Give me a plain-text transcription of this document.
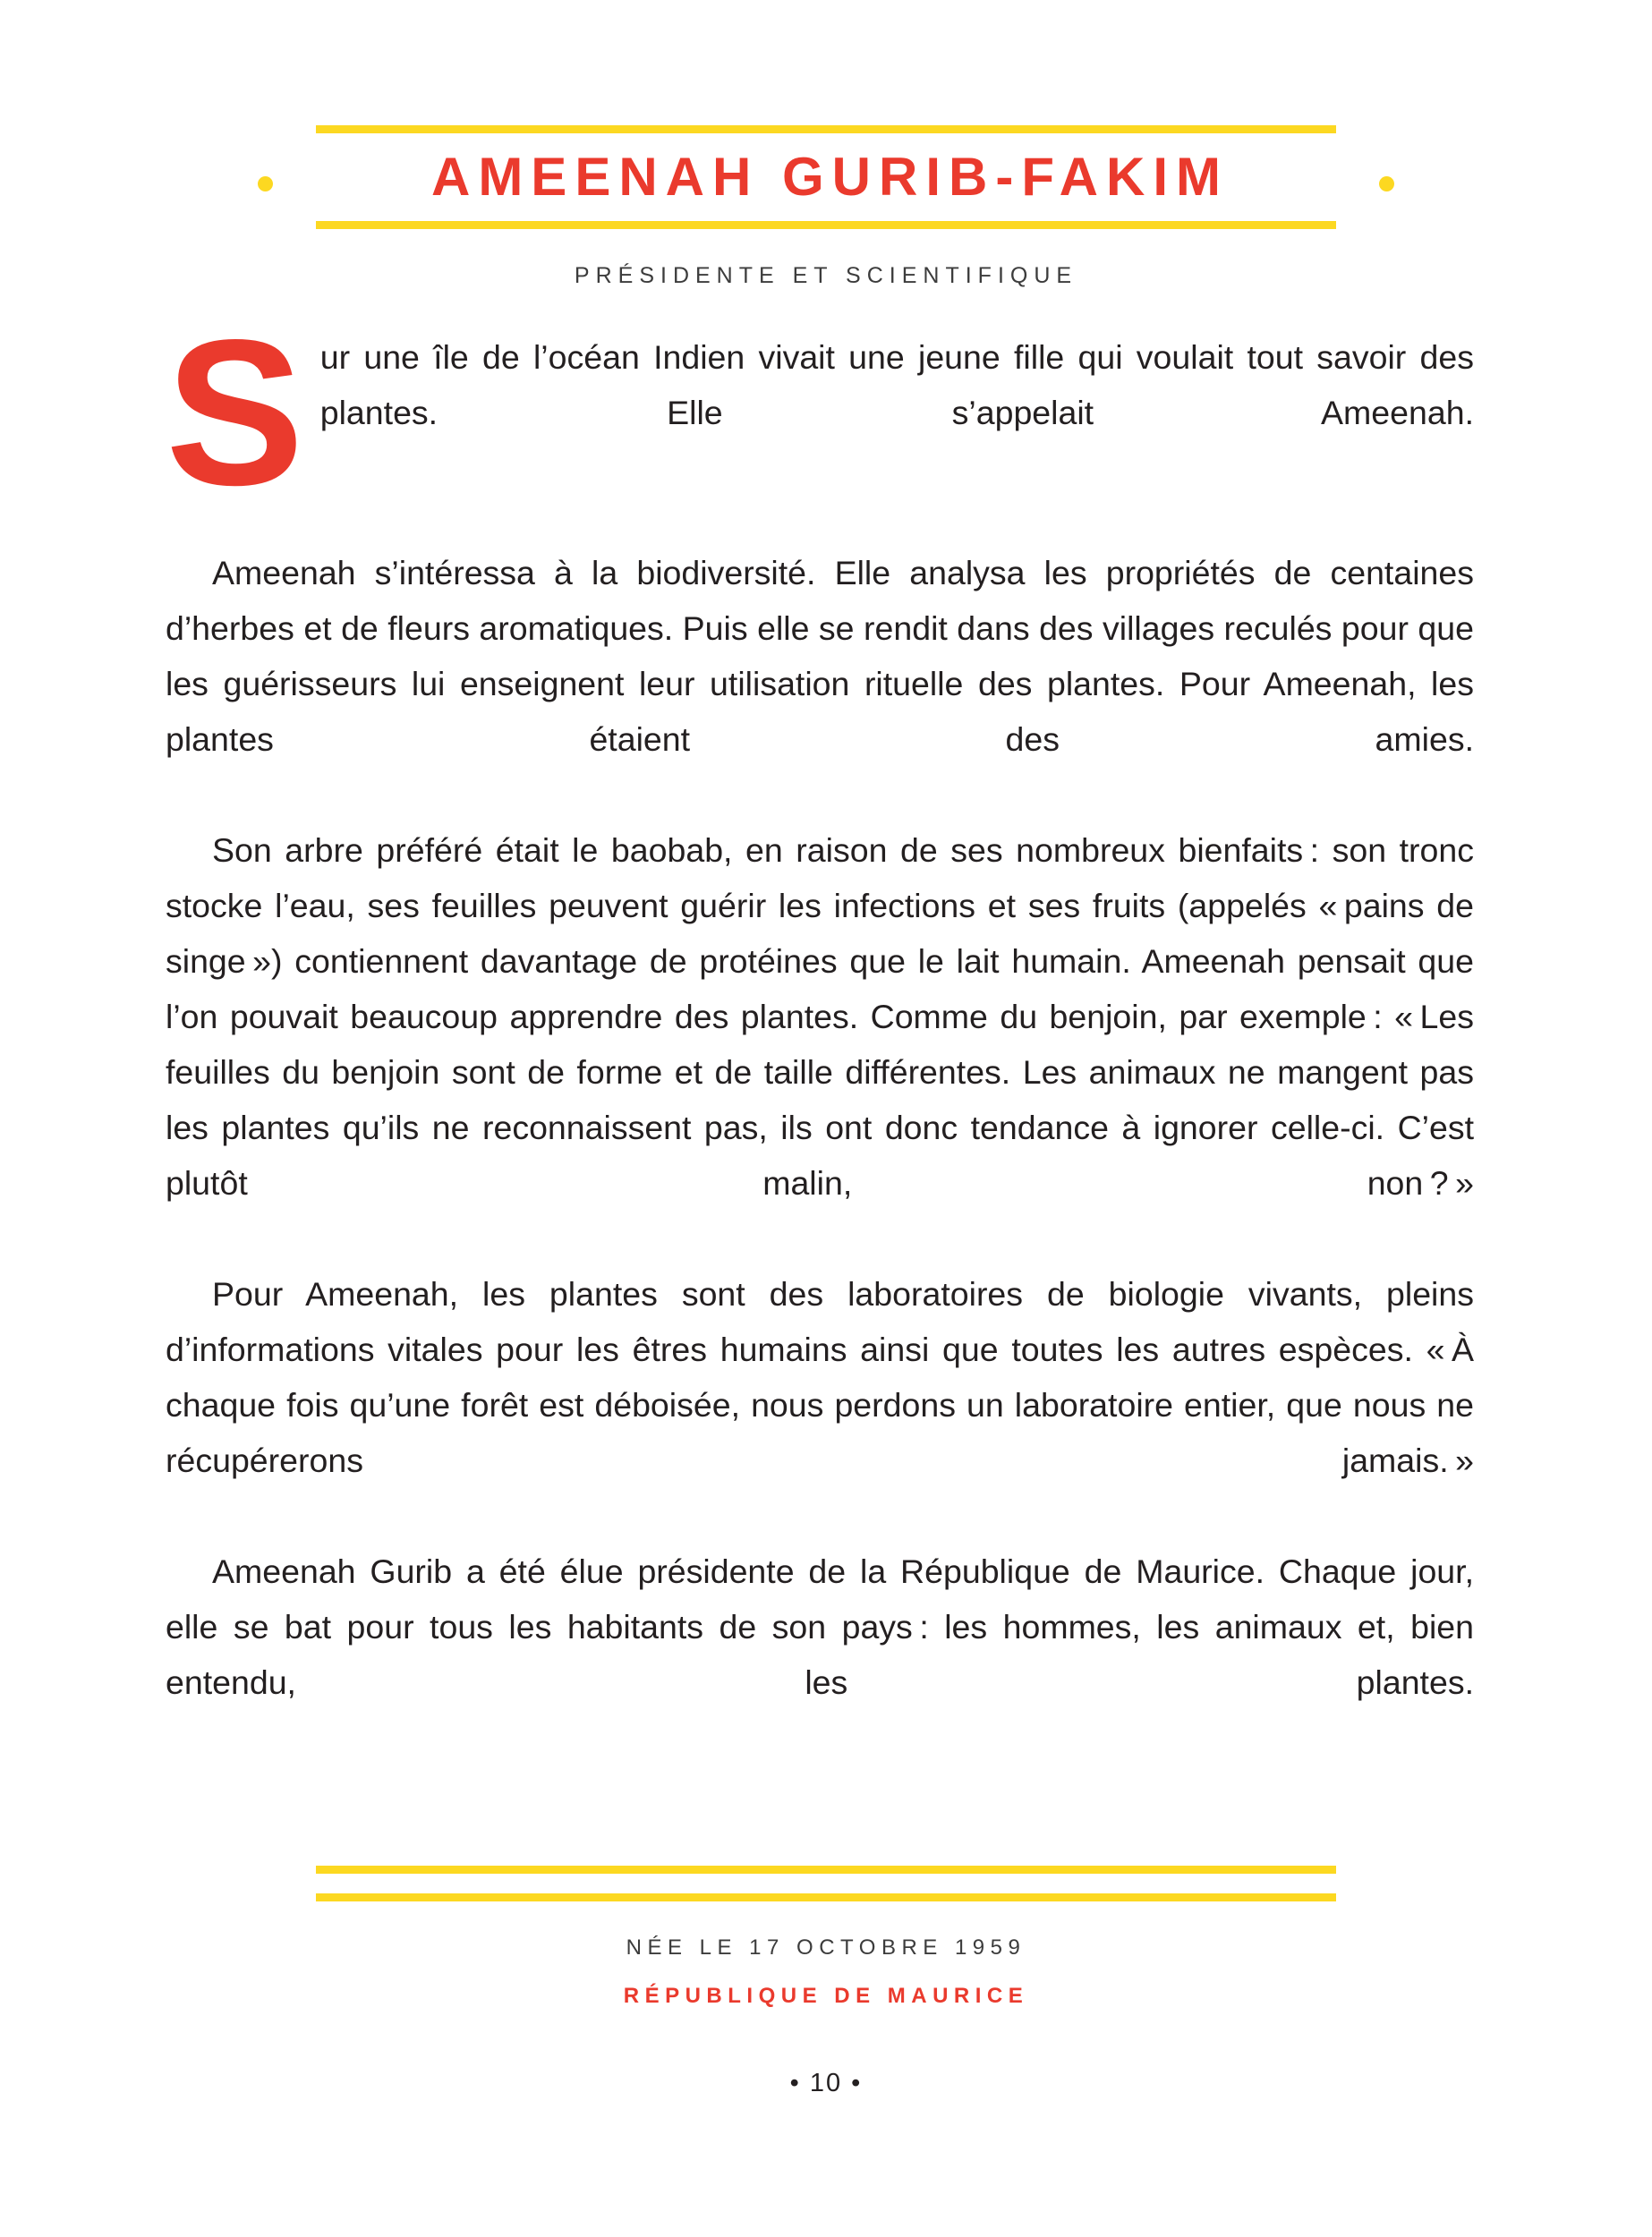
AMEENAH GURIB-FAKIM
PRÉSIDENTE ET SCIENTIFIQUE

Sur une île de l’océan Indien vivait une jeune fille qui voulait tout savoir des plantes. Elle s’appelait Ameenah.

Ameenah s’intéressa à la biodiversité. Elle analysa les propriétés de centaines d’herbes et de fleurs aromatiques. Puis elle se rendit dans des villages reculés pour que les guérisseurs lui enseignent leur utilisation rituelle des plantes. Pour Ameenah, les plantes étaient des amies.

Son arbre préféré était le baobab, en raison de ses nombreux bienfaits : son tronc stocke l’eau, ses feuilles peuvent guérir les infections et ses fruits (appelés « pains de singe ») contiennent davantage de protéines que le lait humain. Ameenah pensait que l’on pouvait beaucoup apprendre des plantes. Comme du benjoin, par exemple : « Les feuilles du benjoin sont de forme et de taille différentes. Les animaux ne mangent pas les plantes qu’ils ne reconnaissent pas, ils ont donc tendance à ignorer celle-ci. C’est plutôt malin, non ? »

Pour Ameenah, les plantes sont des laboratoires de biologie vivants, pleins d’informations vitales pour les êtres humains ainsi que toutes les autres espèces. « À chaque fois qu’une forêt est déboisée, nous perdons un laboratoire entier, que nous ne récupérerons jamais. »

Ameenah Gurib a été élue présidente de la République de Maurice. Chaque jour, elle se bat pour tous les habitants de son pays : les hommes, les animaux et, bien entendu, les plantes.

NÉE LE 17 OCTOBRE 1959
RÉPUBLIQUE DE MAURICE
• 10 •
